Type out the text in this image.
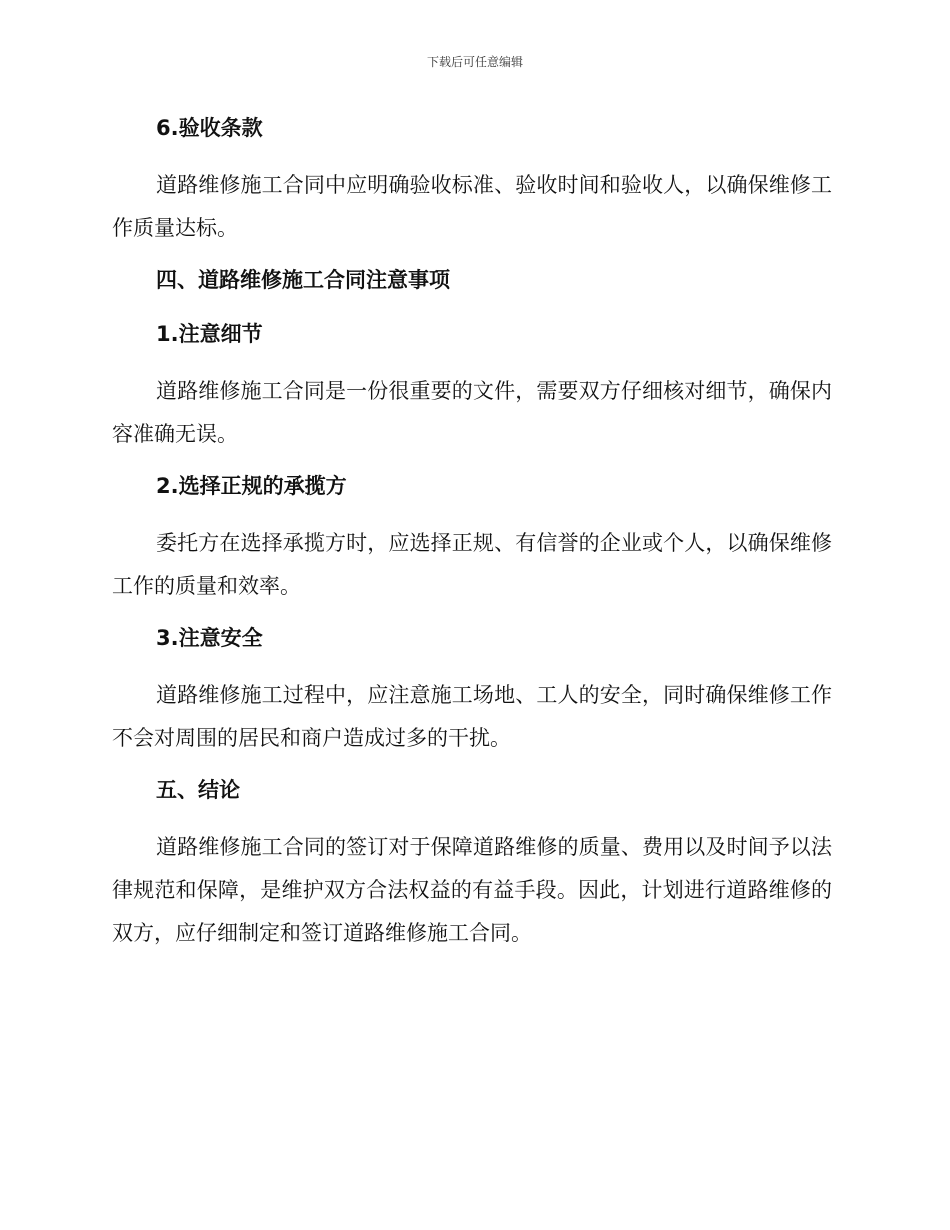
下载后可任意编辑
6.验收条款

道路维修施工合同中应明确验收标准、验收时间和验收人，以确保维修工作质量达标。

四、道路维修施工合同注意事项
1.注意细节

道路维修施工合同是一份很重要的文件，需要双方仔细核对细节，确保内容准确无误。

2.选择正规的承揽方

委托方在选择承揽方时，应选择正规、有信誉的企业或个人，以确保维修工作的质量和效率。

3.注意安全

道路维修施工过程中，应注意施工场地、工人的安全，同时确保维修工作不会对周围的居民和商户造成过多的干扰。

五、结论

道路维修施工合同的签订对于保障道路维修的质量、费用以及时间予以法律规范和保障，是维护双方合法权益的有益手段。因此，计划进行道路维修的双方，应仔细制定和签订道路维修施工合同。
